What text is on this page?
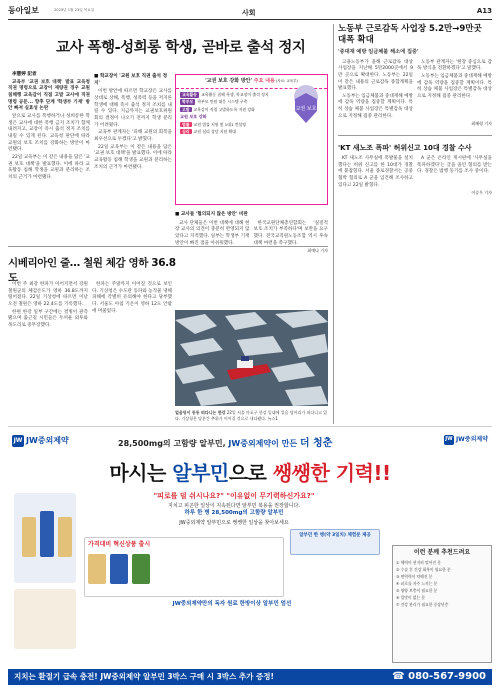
동아일보	2025년 1월 23일 목요일	사회	A13
교사 폭행-성희롱 학생, 곧바로 출석 정지
李慧婷 記者
교육부 '교권 보호 대책' 발표 교육청 직권 명령으로 교장이 재량권 경우 교원침해행 교육감이 직접 고발 교사에 직권 명령 공문... 향후 단계 '학생부 기재' 방안 빠져 실효성 논란
앞으로 교사를 폭행하거나 성희롱한 학생은 교사에 대한 폭행 금지 조치가 함께 내려지고, 교장이 즉시 출석 정지 조치를 내릴 수 있게 된다. 교육청 판단에 따라 교원의 보호 조치를 강화하는 방안이 마련됐다.
22일 교육부는 이 같은 내용을 담은 '교권 보호 대책'을 발표했다. 이에 따라 교육활동 침해 학생을 교원과 분리하는 조치의 근거가 마련됐다.
■ 학교장이 '교원 보호 직권 출석 정지'
이번 방안에 따르면 학교장은 교사를 상대로 상해, 폭행, 성폭력 등을 저지른 학생에 대해 즉시 출석 정지 조치를 내릴 수 있다. 지금까지는 교권보호위원회의 결정이 나오기 전까지 학생 분리가 어려웠다.
교육부 관계자는 '피해 교원의 회복을 최우선으로 두겠다'고 밝혔다.
22일 교육부는 이 같은 내용을 담은 '교권 보호 대책'을 발표했다. 이에 따라 교육활동 침해 학생을 교원과 분리하는 조치의 근거가 마련됐다.
'교권 보호 강화 방안' 주요 내용 (자료: 교육부)
교육활동	교육활동 침해 학생, 학교장이 출석 정지
학부모	학부모 민원 대응 시스템 구축
고발	교육감이 직접 고발하도록 지원 강화
교원 보호 강화
법률	교원 법률 지원 및 1대1 컨설팅
심리	교원 심리 상담 지원 확대
교권 보호
■ 교사들 '협의되지 않은 방안' 비판
교사 단체들은 이번 대책에 대해 현장 교사의 의견이 충분히 반영되지 않았다고 지적했다. 일부는 학생부 기재 방안이 빠진 점을 아쉬워했다.
한국교원단체총연합회는 '실질적 보호 조치가 부족하다'며 보완을 요구했다. 전국교직원노동조합 역시 후속 대책 마련을 촉구했다.
최예나 기자
시베리아인 줄… 철원 체감 영하 36.8도
이번 주 최강 한파가 이어지면서 강원 철원군의 체감온도가 영하 36.8도까지 떨어졌다. 22일 기상청에 따르면 이날 오전 철원은 영하 22.4도를 기록했다.
한편 한강 일부 구간에는 결빙이 관측됐으며 출근길 시민들은 두꺼운 외투와 목도리로 중무장했다.
한파는 주말까지 이어질 것으로 보인다. 기상청은 수도관 동파와 농작물 냉해 피해에 각별히 유의해야 한다고 당부했다. 서울도 아침 기온이 영하 12도 안팎에 머물렀다.
얼음덩이 둥둥 떠다니는 한강 22일 서울 마포구 한강 일대에 얼음 덩어리가 떠다니고 있다. 기상청은 당분간 추위가 이어질 것으로 내다봤다. 뉴스1
노동부 근로감독 사업장 5.2만→9만곳 대폭 확대
'중대재 예방 임금체불 해소에 집중'
고용노동부가 올해 근로감독 대상 사업장을 지난해 5만2000곳에서 9만 곳으로 확대한다. 노동부는 22일 이 같은 내용의 근로감독 종합계획을 발표했다.
노동부는 임금체불과 중대재해 예방에 감독 역량을 집중할 계획이다. 특히 상습 체불 사업장은 특별감독 대상으로 지정해 집중 관리한다.
노동부 관계자는 '현장 중심으로 감독 방식을 전환하겠다'고 말했다.
노동부는 임금체불과 중대재해 예방에 감독 역량을 집중할 계획이다. 특히 상습 체불 사업장은 특별감독 대상으로 지정해 집중 관리한다.
최혜령 기자
'KT 새노조 폭파' 허위신고 10대 경찰 수사
KT 새노조 사무실에 폭발물을 설치했다는 허위 신고를 한 10대가 경찰에 붙잡혔다. 서울 종로경찰서는 공중협박 혐의로 A 군을 입건해 조사하고 있다고 22일 밝혔다.
A 군은 온라인 게시판에 '사무실을 폭파하겠다'는 글을 올린 혐의를 받는다. 경찰은 범행 동기를 조사 중이다.
이승우 기자
JW JW중외제약	28,500mg의 고함량 알부민, JW중외제약이 만든 더 청춘	JW JW중외제약
마시는 알부민으로 쌩쌩한 기력!!
"피로를 덜 쉬시나요?" "이유없이 무기력하신가요?"
지치고 피곤한 일상이 지속된다면 알부민 복용을 권장합니다.
하루 한 병 28,500mg의 고함량 알부민
JW중외제약 알부민으로 쌩쌩한 일상을 찾아보세요
알부민 한 병(약 3일치) 체험분 제공
가격대비 혁신상품 출시
JW중외제약만의 독자 원료 한방이상 알부민 엄선
이런 분께 추천드려요
① 체력이 현저히 떨어진 분
② 수술 후 건강 회복이 필요한 분
③ 면역력이 약해진 분
④ 피로를 자주 느끼는 분
⑤ 영양 보충이 필요한 분
⑥ 입맛이 없는 분
⑦ 건강 관리가 필요한 중장년층
지치는 환절기 급속 충전! JW중외제약 알부민 3박스 구매 시 3박스 추가 증정!	☎ 080-567-9900
